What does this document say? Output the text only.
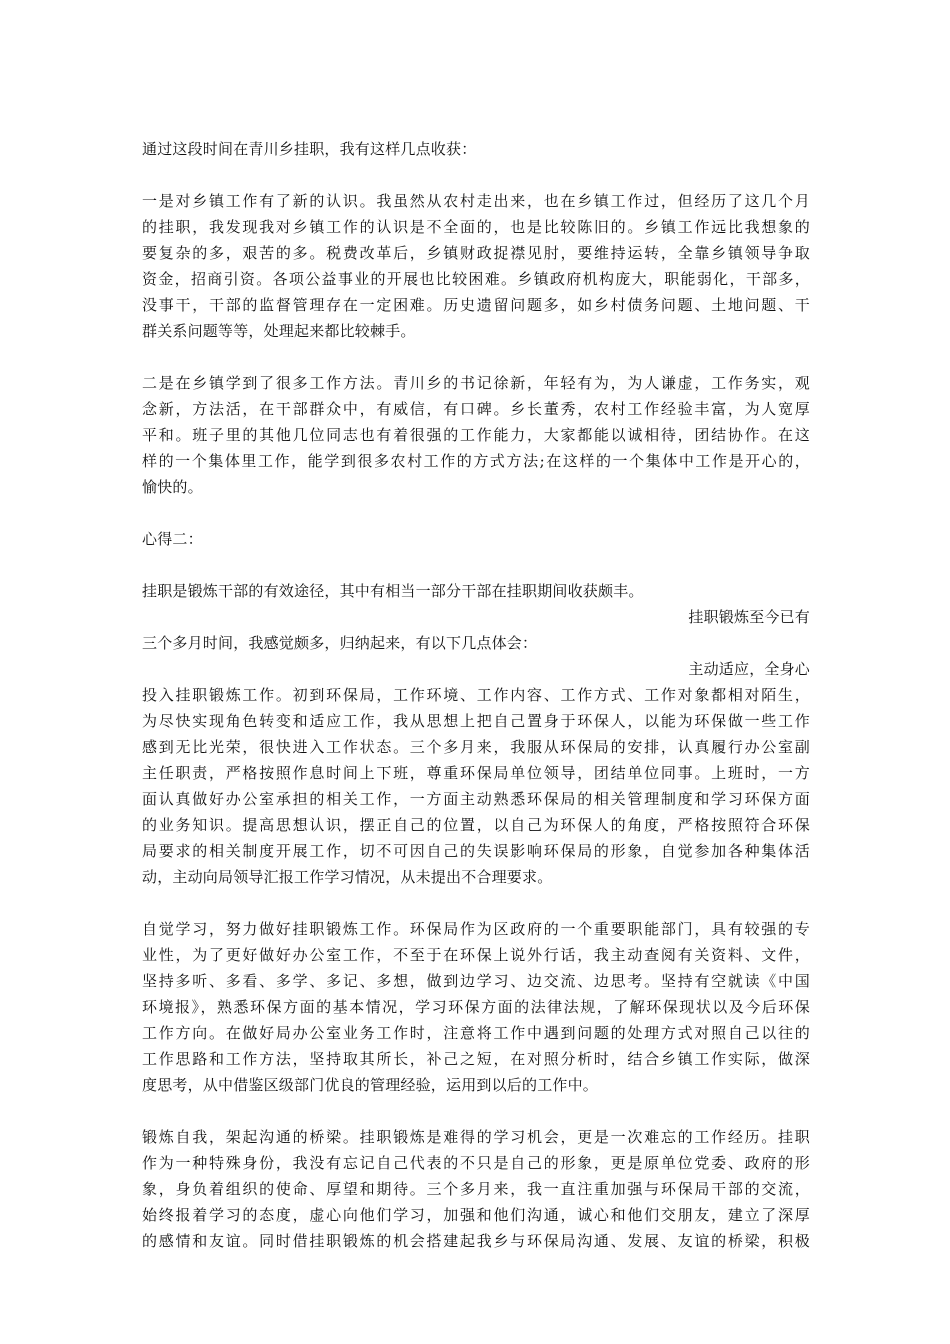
通过这段时间在青川乡挂职，我有这样几点收获：
一是对乡镇工作有了新的认识。我虽然从农村走出来，也在乡镇工作过，但经历了这几个月
的挂职，我发现我对乡镇工作的认识是不全面的，也是比较陈旧的。乡镇工作远比我想象的
要复杂的多，艰苦的多。税费改革后，乡镇财政捉襟见肘，要维持运转，全靠乡镇领导争取
资金，招商引资。各项公益事业的开展也比较困难。乡镇政府机构庞大，职能弱化，干部多，
没事干，干部的监督管理存在一定困难。历史遗留问题多，如乡村债务问题、土地问题、干
群关系问题等等，处理起来都比较棘手。
二是在乡镇学到了很多工作方法。青川乡的书记徐新，年轻有为，为人谦虚，工作务实，观
念新，方法活，在干部群众中，有威信，有口碑。乡长董秀，农村工作经验丰富，为人宽厚
平和。班子里的其他几位同志也有着很强的工作能力，大家都能以诚相待，团结协作。在这
样的一个集体里工作，能学到很多农村工作的方式方法;在这样的一个集体中工作是开心的，
愉快的。
心得二：
挂职是锻炼干部的有效途径，其中有相当一部分干部在挂职期间收获颇丰。
挂职锻炼至今已有
三个多月时间，我感觉颇多，归纳起来，有以下几点体会：
主动适应，全身心
投入挂职锻炼工作。初到环保局，工作环境、工作内容、工作方式、工作对象都相对陌生，
为尽快实现角色转变和适应工作，我从思想上把自己置身于环保人，以能为环保做一些工作
感到无比光荣，很快进入工作状态。三个多月来，我服从环保局的安排，认真履行办公室副
主任职责，严格按照作息时间上下班，尊重环保局单位领导，团结单位同事。上班时，一方
面认真做好办公室承担的相关工作，一方面主动熟悉环保局的相关管理制度和学习环保方面
的业务知识。提高思想认识，摆正自己的位置，以自己为环保人的角度，严格按照符合环保
局要求的相关制度开展工作，切不可因自己的失误影响环保局的形象，自觉参加各种集体活
动，主动向局领导汇报工作学习情况，从未提出不合理要求。
自觉学习，努力做好挂职锻炼工作。环保局作为区政府的一个重要职能部门，具有较强的专
业性，为了更好做好办公室工作，不至于在环保上说外行话，我主动查阅有关资料、文件，
坚持多听、多看、多学、多记、多想，做到边学习、边交流、边思考。坚持有空就读《中国
环境报》，熟悉环保方面的基本情况，学习环保方面的法律法规，了解环保现状以及今后环保
工作方向。在做好局办公室业务工作时，注意将工作中遇到问题的处理方式对照自己以往的
工作思路和工作方法，坚持取其所长，补己之短，在对照分析时，结合乡镇工作实际，做深
度思考，从中借鉴区级部门优良的管理经验，运用到以后的工作中。
锻炼自我，架起沟通的桥梁。挂职锻炼是难得的学习机会，更是一次难忘的工作经历。挂职
作为一种特殊身份，我没有忘记自己代表的不只是自己的形象，更是原单位党委、政府的形
象，身负着组织的使命、厚望和期待。三个多月来，我一直注重加强与环保局干部的交流，
始终报着学习的态度，虚心向他们学习，加强和他们沟通，诚心和他们交朋友，建立了深厚
的感情和友谊。同时借挂职锻炼的机会搭建起我乡与环保局沟通、发展、友谊的桥梁，积极
